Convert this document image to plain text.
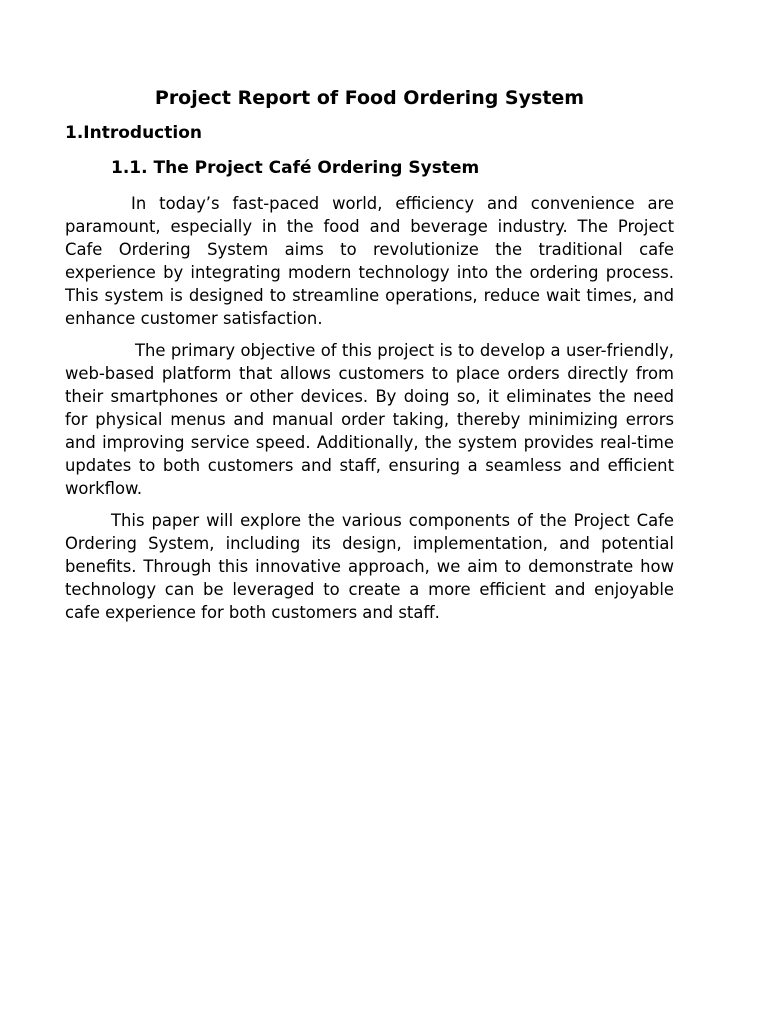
Project Report of Food Ordering System
1.Introduction
1.1. The Project Café Ordering System

In today’s fast-paced world, efficiency and convenience are paramount, especially in the food and beverage industry. The Project Cafe Ordering System aims to revolutionize the traditional cafe experience by integrating modern technology into the ordering process. This system is designed to streamline operations, reduce wait times, and enhance customer satisfaction.

The primary objective of this project is to develop a user-friendly, web-based platform that allows customers to place orders directly from their smartphones or other devices. By doing so, it eliminates the need for physical menus and manual order taking, thereby minimizing errors and improving service speed. Additionally, the system provides real-time updates to both customers and staff, ensuring a seamless and efficient workflow.

This paper will explore the various components of the Project Cafe Ordering System, including its design, implementation, and potential benefits. Through this innovative approach, we aim to demonstrate how technology can be leveraged to create a more efficient and enjoyable cafe experience for both customers and staff.
